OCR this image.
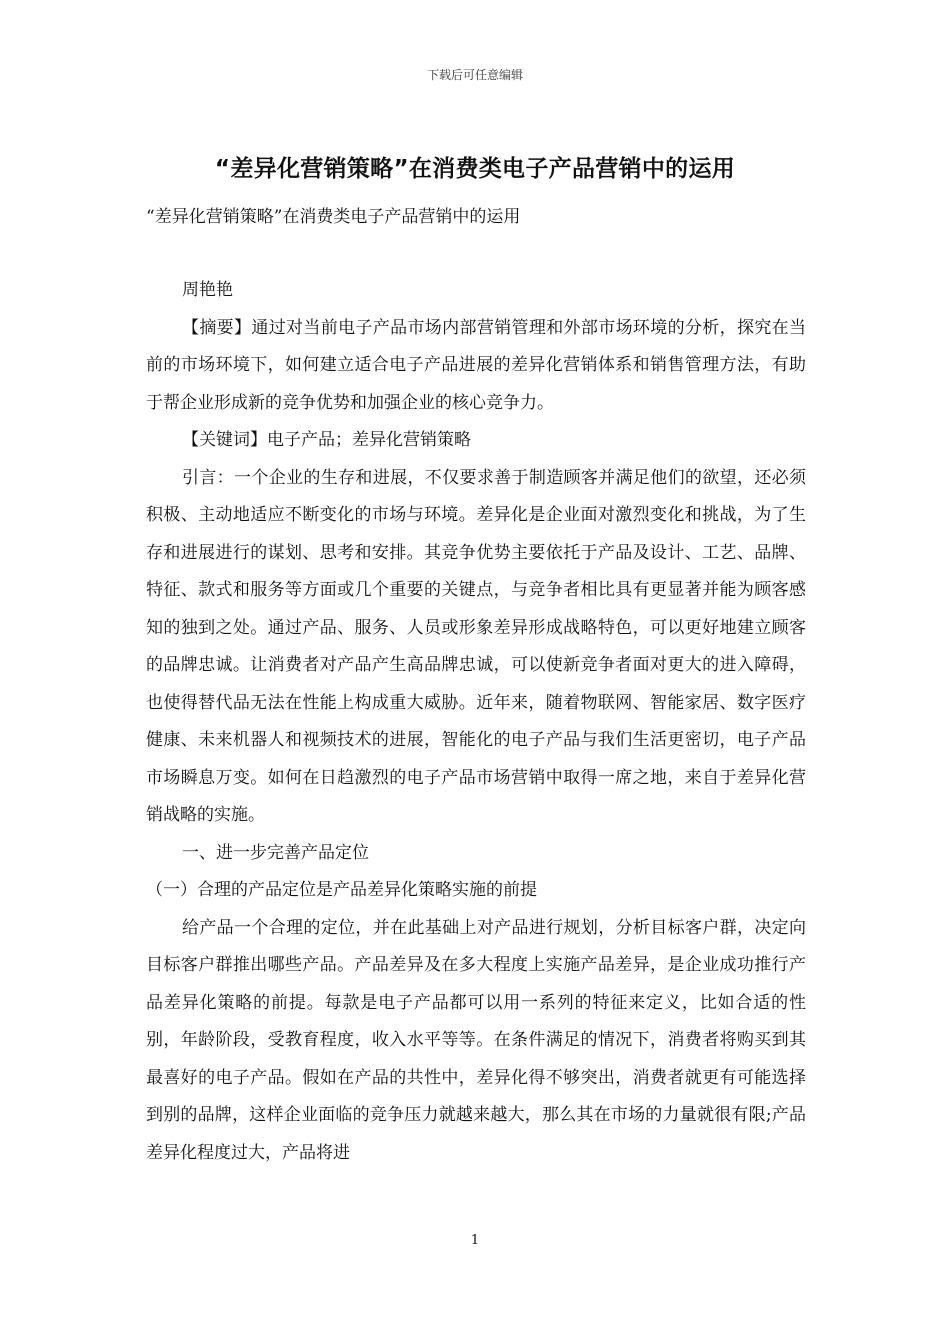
下载后可任意编辑
“差异化营销策略”在消费类电子产品营销中的运用
“差异化营销策略”在消费类电子产品营销中的运用

周艳艳

【摘要】通过对当前电子产品市场内部营销管理和外部市场环境的分析，探究在当前的市场环境下，如何建立适合电子产品进展的差异化营销体系和销售管理方法，有助于帮企业形成新的竞争优势和加强企业的核心竞争力。

【关键词】电子产品；差异化营销策略

引言：一个企业的生存和进展，不仅要求善于制造顾客并满足他们的欲望，还必须积极、主动地适应不断变化的市场与环境。差异化是企业面对激烈变化和挑战，为了生存和进展进行的谋划、思考和安排。其竞争优势主要依托于产品及设计、工艺、品牌、特征、款式和服务等方面或几个重要的关键点，与竞争者相比具有更显著并能为顾客感知的独到之处。通过产品、服务、人员或形象差异形成战略特色，可以更好地建立顾客的品牌忠诚。让消费者对产品产生高品牌忠诚，可以使新竞争者面对更大的进入障碍，也使得替代品无法在性能上构成重大威胁。近年来，随着物联网、智能家居、数字医疗健康、未来机器人和视频技术的进展，智能化的电子产品与我们生活更密切，电子产品市场瞬息万变。如何在日趋激烈的电子产品市场营销中取得一席之地，来自于差异化营销战略的实施。

一、进一步完善产品定位

（一）合理的产品定位是产品差异化策略实施的前提

给产品一个合理的定位，并在此基础上对产品进行规划，分析目标客户群，决定向目标客户群推出哪些产品。产品差异及在多大程度上实施产品差异，是企业成功推行产品差异化策略的前提。每款是电子产品都可以用一系列的特征来定义，比如合适的性别，年龄阶段，受教育程度，收入水平等等。在条件满足的情况下，消费者将购买到其最喜好的电子产品。假如在产品的共性中，差异化得不够突出，消费者就更有可能选择到别的品牌，这样企业面临的竞争压力就越来越大，那么其在市场的力量就很有限;产品差异化程度过大，产品将进

1
